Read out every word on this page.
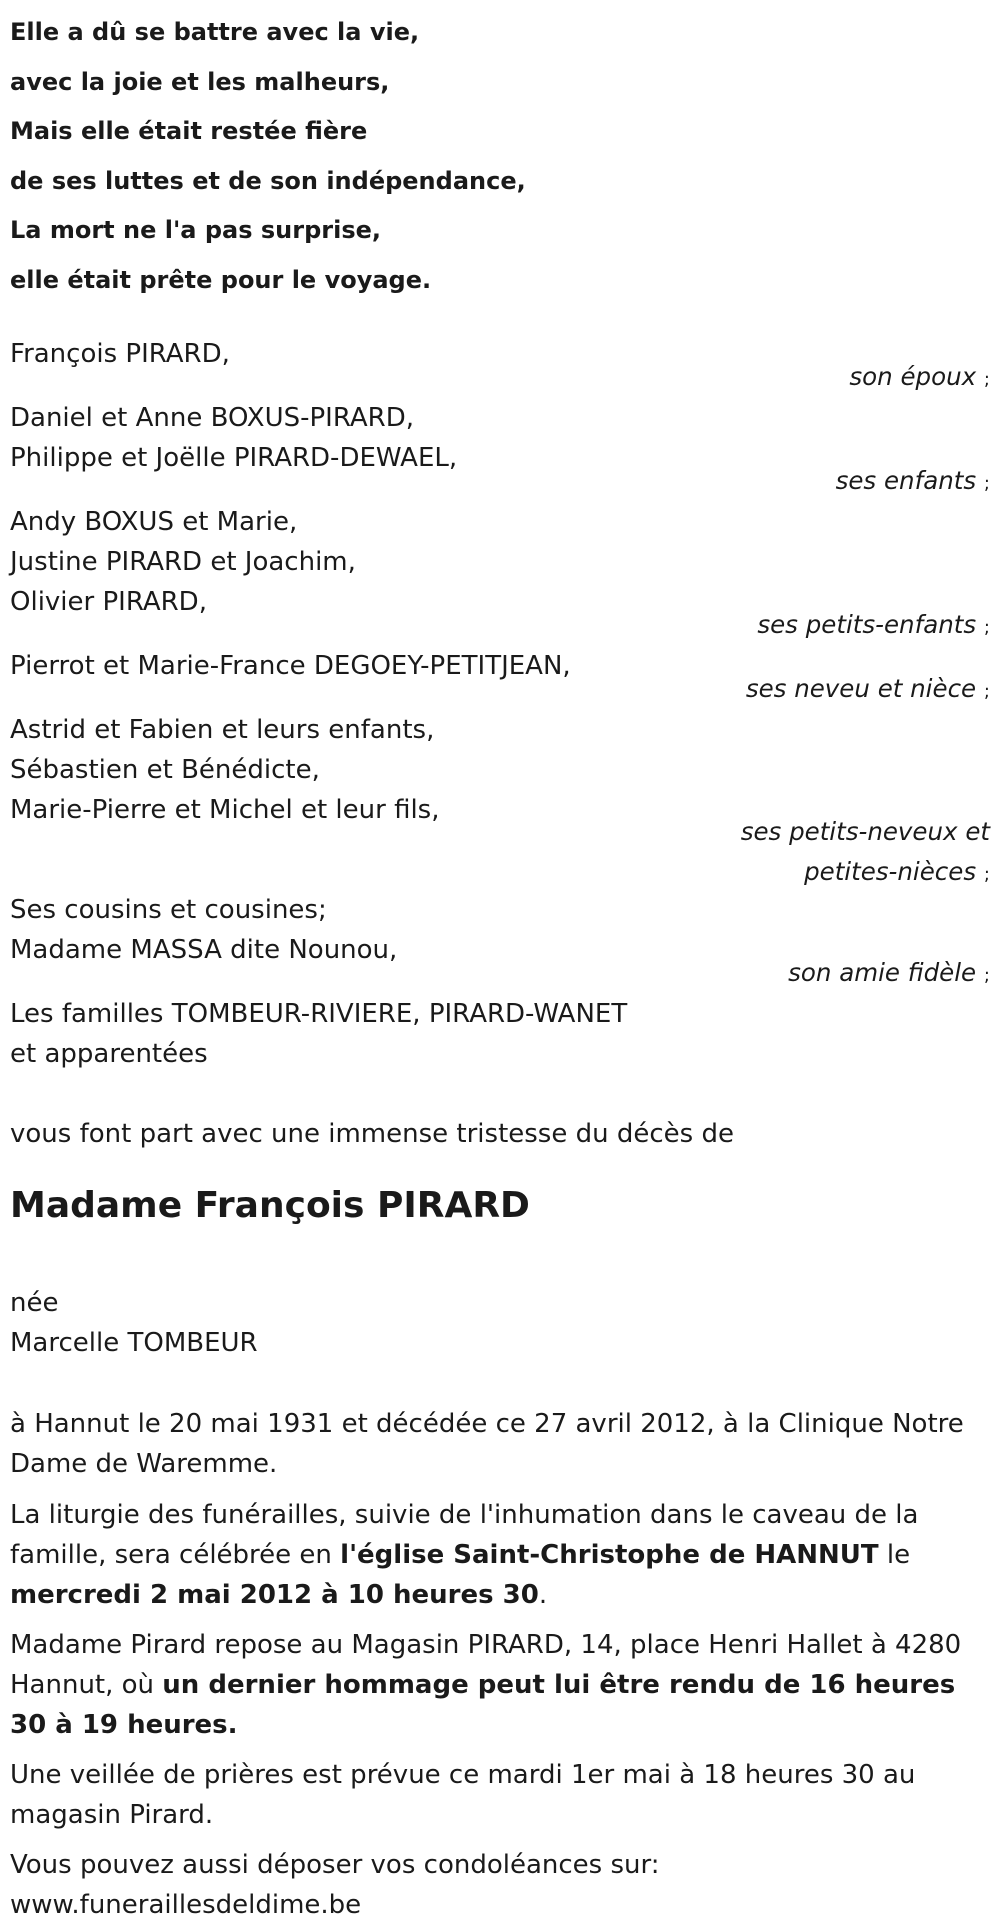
Elle a dû se battre avec la vie,
avec la joie et les malheurs,
Mais elle était restée fière
de ses luttes et de son indépendance,
La mort ne l'a pas surprise,
elle était prête pour le voyage.
François PIRARD,
son époux ;
Daniel et Anne BOXUS-PIRARD,
Philippe et Joëlle PIRARD-DEWAEL,
ses enfants ;
Andy BOXUS et Marie,
Justine PIRARD et Joachim,
Olivier PIRARD,
ses petits-enfants ;
Pierrot et Marie-France DEGOEY-PETITJEAN,
ses neveu et nièce ;
Astrid et Fabien et leurs enfants,
Sébastien et Bénédicte,
Marie-Pierre et Michel et leur fils,
ses petits-neveux et
petites-nièces ;
Ses cousins et cousines;
Madame MASSA dite Nounou,
son amie fidèle ;
Les familles TOMBEUR-RIVIERE, PIRARD-WANET
et apparentées
vous font part avec une immense tristesse du décès de
Madame François PIRARD
née
Marcelle TOMBEUR
à Hannut le 20 mai 1931 et décédée ce 27 avril 2012, à la Clinique Notre Dame de Waremme.
La liturgie des funérailles, suivie de l'inhumation dans le caveau de la famille, sera célébrée en l'église Saint-Christophe de HANNUT le mercredi 2 mai 2012 à 10 heures 30.
Madame Pirard repose au Magasin PIRARD, 14, place Henri Hallet à 4280 Hannut, où un dernier hommage peut lui être rendu de 16 heures 30 à 19 heures.
Une veillée de prières est prévue ce mardi 1er mai à 18 heures 30 au magasin Pirard.
Vous pouvez aussi déposer vos condoléances sur:
www.funeraillesdeldime.be
